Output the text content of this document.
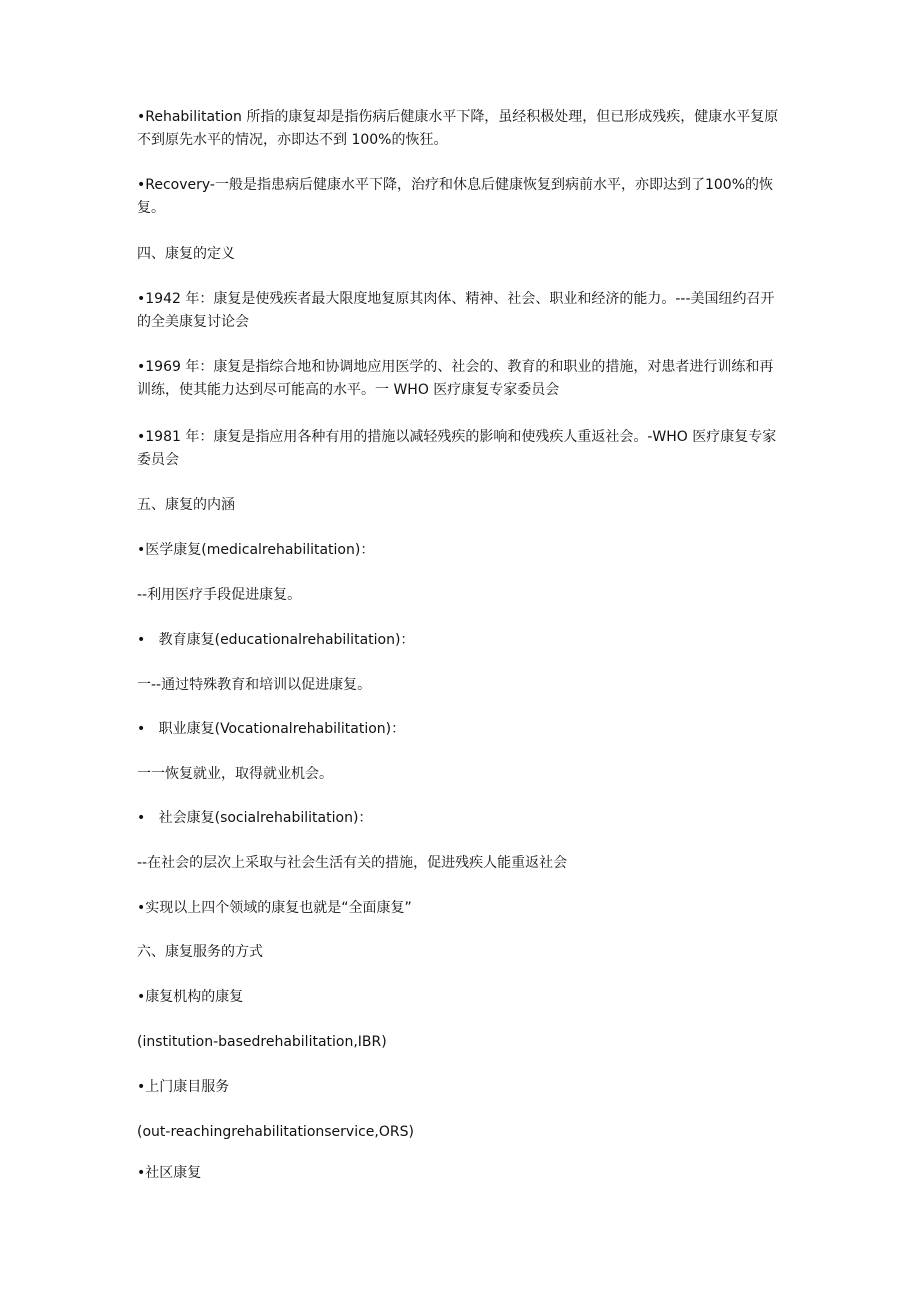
•Rehabilitation 所指的康复却是指伤病后健康水平下降，虽经积极处理，但已形成残疾，健康水平复原不到原先水平的情况，亦即达不到 100%的恢狂。

•Recovery-一般是指患病后健康水平下降，治疗和休息后健康恢复到病前水平，亦即达到了100%的恢复。

四、康复的定义

•1942 年：康复是使残疾者最大限度地复原其肉体、精神、社会、职业和经济的能力。---美国纽约召开的全美康复讨论会

•1969 年：康复是指综合地和协调地应用医学的、社会的、教育的和职业的措施，对患者进行训练和再训练，使其能力达到尽可能高的水平。一 WHO 医疗康复专家委员会

•1981 年：康复是指应用各种有用的措施以减轻残疾的影响和使残疾人重返社会。-WHO 医疗康复专家委员会

五、康复的内涵

•医学康复(medicalrehabilitation)：

--利用医疗手段促进康复。

•   教育康复(educationalrehabilitation)：

一--通过特殊教育和培训以促进康复。

•   职业康复(Vocationalrehabilitation)：

一一恢复就业，取得就业机会。

•   社会康复(socialrehabilitation)：

--在社会的层次上采取与社会生活有关的措施，促进残疾人能重返社会

•实现以上四个领域的康复也就是“全面康复”

六、康复服务的方式

•康复机构的康复

(institution-basedrehabilitation,IBR)

•上门康目服务

(out-reachingrehabilitationservice,ORS)

•社区康复
